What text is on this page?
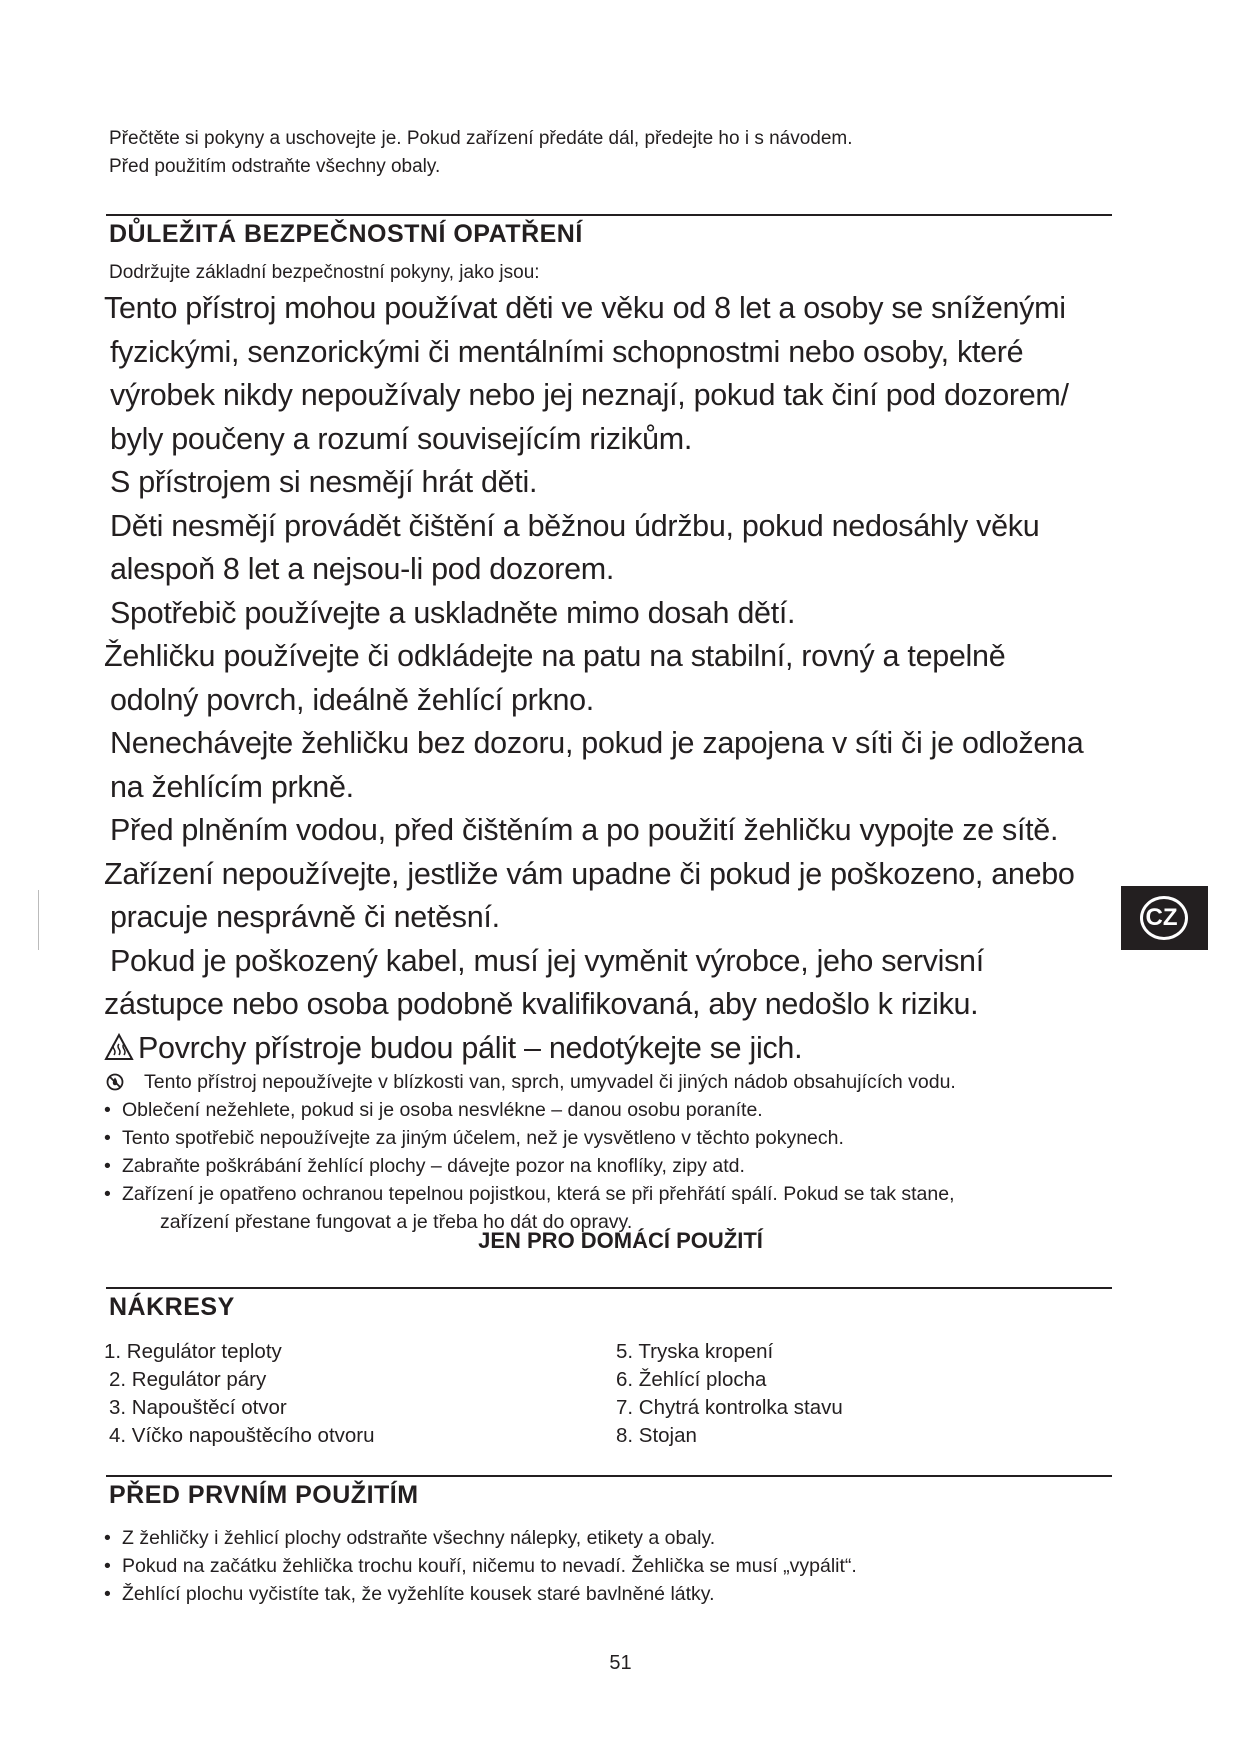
Přečtěte si pokyny a uschovejte je. Pokud zařízení předáte dál, předejte ho i s návodem.
Před použitím odstraňte všechny obaly.
DŮLEŽITÁ BEZPEČNOSTNÍ OPATŘENÍ
Dodržujte základní bezpečnostní pokyny, jako jsou:
Tento přístroj mohou používat děti ve věku od 8 let a osoby se sníženými
fyzickými, senzorickými či mentálními schopnostmi nebo osoby, které
výrobek nikdy nepoužívaly nebo jej neznají, pokud tak činí pod dozorem/
byly poučeny a rozumí souvisejícím rizikům.
S přístrojem si nesmějí hrát děti.
Děti nesmějí provádět čištění a běžnou údržbu, pokud nedosáhly věku
alespoň 8 let a nejsou-li pod dozorem.
Spotřebič používejte a uskladněte mimo dosah dětí.
Žehličku používejte či odkládejte na patu na stabilní, rovný a tepelně
odolný povrch, ideálně žehlící prkno.
Nenechávejte žehličku bez dozoru, pokud je zapojena v síti či je odložena
na žehlícím prkně.
Před plněním vodou, před čištěním a po použití žehličku vypojte ze sítě.
Zařízení nepoužívejte, jestliže vám upadne či pokud je poškozeno, anebo
pracuje nesprávně či netěsní.
Pokud je poškozený kabel, musí jej vyměnit výrobce, jeho servisní
zástupce nebo osoba podobně kvalifikovaná, aby nedošlo k riziku.
Povrchy přístroje budou pálit – nedotýkejte se jich.
Tento přístroj nepoužívejte v blízkosti van, sprch, umyvadel či jiných nádob obsahujících vodu.
• Oblečení nežehlete, pokud si je osoba nesvlékne – danou osobu poraníte.
• Tento spotřebič nepoužívejte za jiným účelem, než je vysvětleno v těchto pokynech.
• Zabraňte poškrábání žehlící plochy – dávejte pozor na knoflíky, zipy atd.
• Zařízení je opatřeno ochranou tepelnou pojistkou, která se při přehřátí spálí. Pokud se tak stane,
zařízení přestane fungovat a je třeba ho dát do opravy.
JEN PRO DOMÁCÍ POUŽITÍ
NÁKRESY
1. Regulátor teploty
2. Regulátor páry
3. Napouštěcí otvor
4. Víčko napouštěcího otvoru
5. Tryska kropení
6. Žehlící plocha
7. Chytrá kontrolka stavu
8. Stojan
PŘED PRVNÍM POUŽITÍM
• Z žehličky i žehlicí plochy odstraňte všechny nálepky, etikety a obaly.
• Pokud na začátku žehlička trochu kouří, ničemu to nevadí. Žehlička se musí „vypálit“.
• Žehlící plochu vyčistíte tak, že vyžehlíte kousek staré bavlněné látky.
CZ
51
